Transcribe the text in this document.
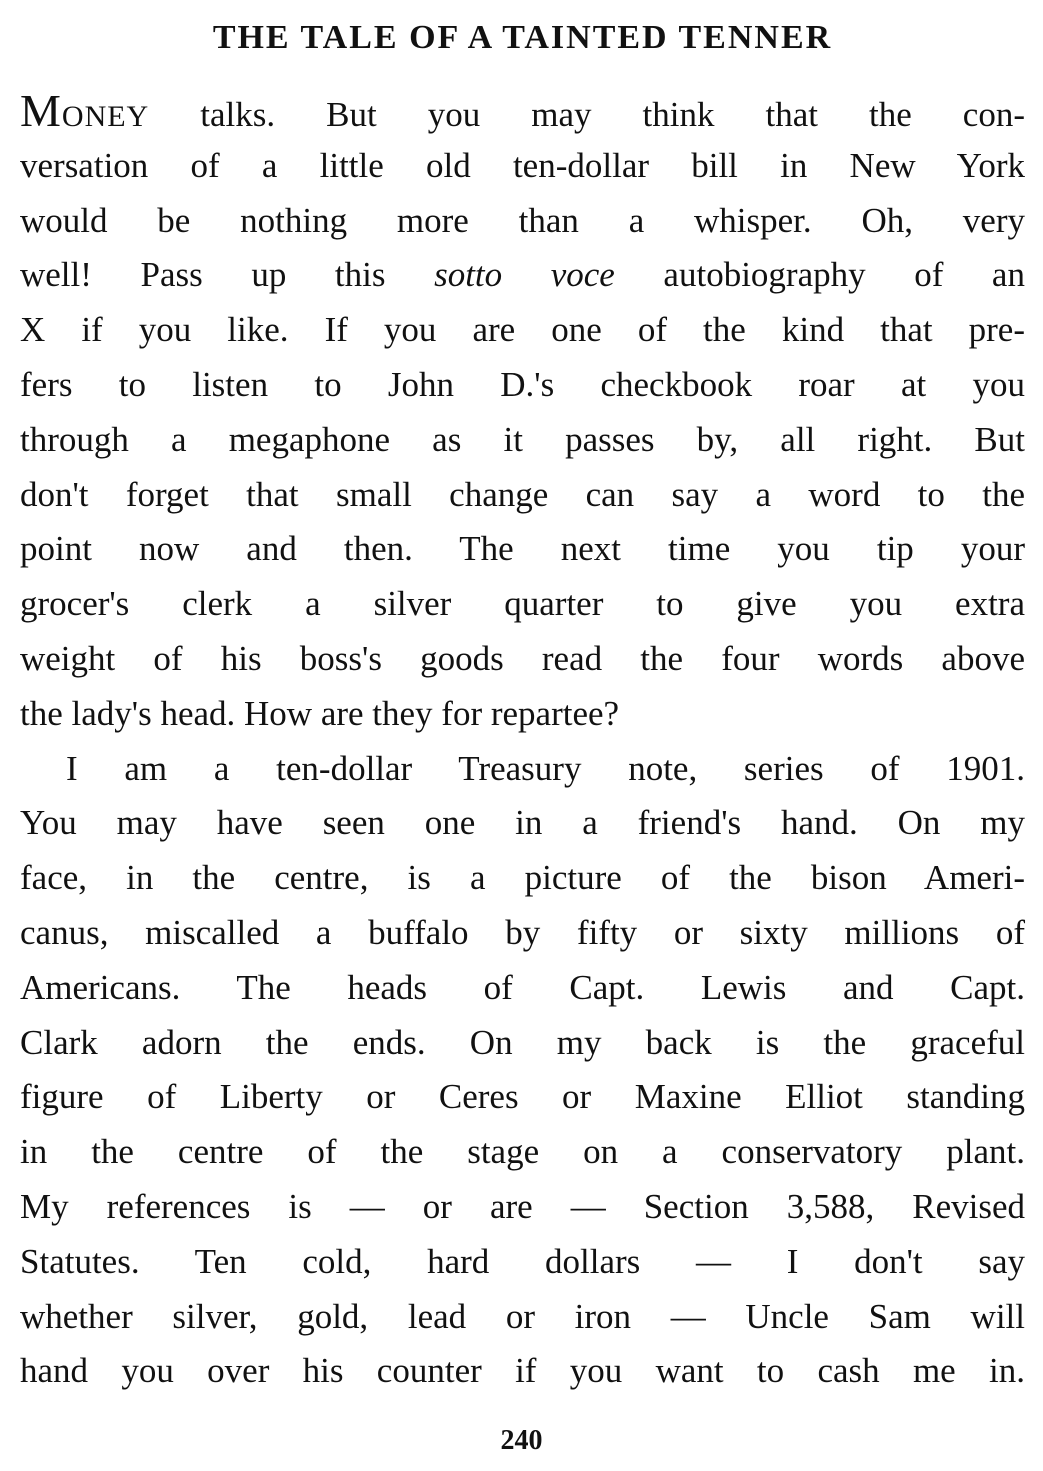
THE TALE OF A TAINTED TENNER
MONEY talks. But you may think that the con-
versation of a little old ten-dollar bill in New York
would be nothing more than a whisper. Oh, very
well! Pass up this sotto voce autobiography of an
X if you like. If you are one of the kind that pre-
fers to listen to John D.'s checkbook roar at you
through a megaphone as it passes by, all right. But
don't forget that small change can say a word to the
point now and then. The next time you tip your
grocer's clerk a silver quarter to give you extra
weight of his boss's goods read the four words above
the lady's head. How are they for repartee?
I am a ten-dollar Treasury note, series of 1901.
You may have seen one in a friend's hand. On my
face, in the centre, is a picture of the bison Ameri-
canus, miscalled a buffalo by fifty or sixty millions of
Americans. The heads of Capt. Lewis and Capt.
Clark adorn the ends. On my back is the graceful
figure of Liberty or Ceres or Maxine Elliot standing
in the centre of the stage on a conservatory plant.
My references is — or are — Section 3,588, Revised
Statutes. Ten cold, hard dollars — I don't say
whether silver, gold, lead or iron — Uncle Sam will
hand you over his counter if you want to cash me in.
240
